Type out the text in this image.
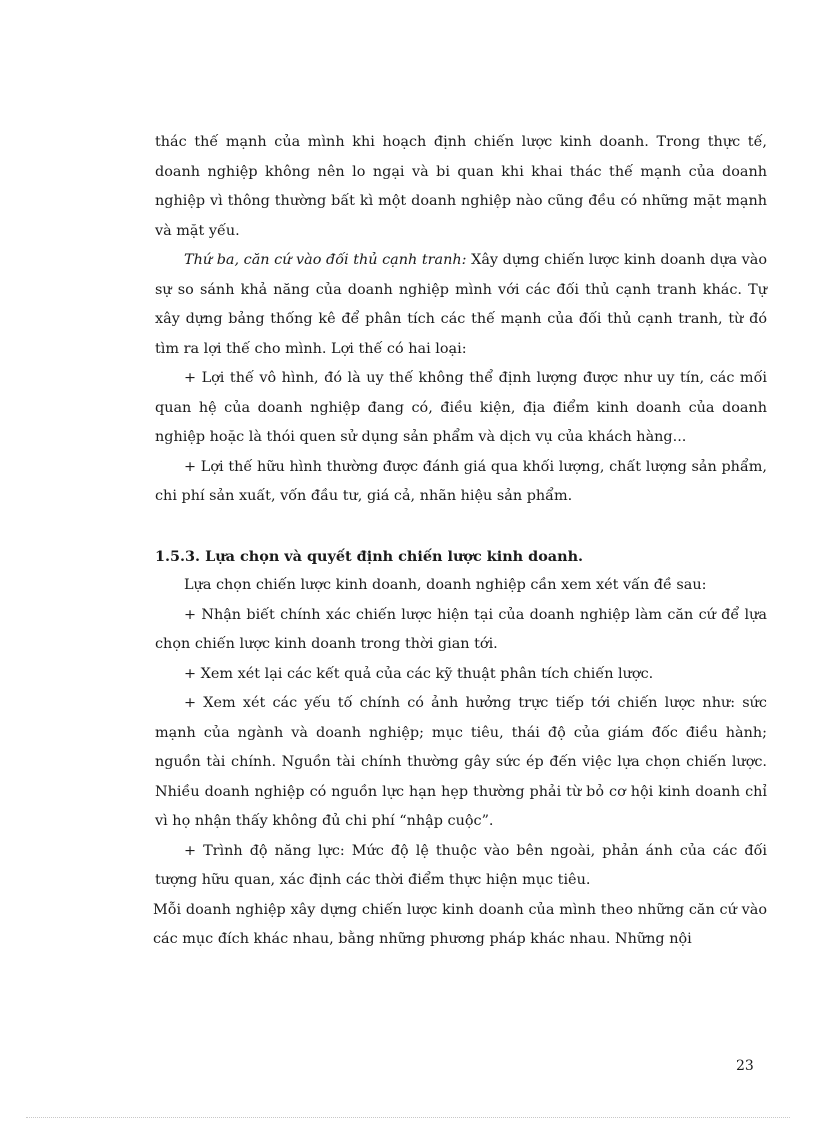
thác thế mạnh của mình khi hoạch định chiến lược kinh doanh. Trong thực tế, doanh nghiệp không nên lo ngại và bi quan khi khai thác thế mạnh của doanh nghiệp vì thông thường bất kì một doanh nghiệp nào cũng đều có những mặt mạnh và mặt yếu.

Thứ ba, căn cứ vào đối thủ cạnh tranh: Xây dựng chiến lược kinh doanh dựa vào sự so sánh khả năng của doanh nghiệp mình với các đối thủ cạnh tranh khác. Tự xây dựng bảng thống kê để phân tích các thế mạnh của đối thủ cạnh tranh, từ đó tìm ra lợi thế cho mình. Lợi thế có hai loại:

+ Lợi thế vô hình, đó là uy thế không thể định lượng được như uy tín, các mối quan hệ của doanh nghiệp đang có, điều kiện, địa điểm kinh doanh của doanh nghiệp hoặc là thói quen sử dụng sản phẩm và dịch vụ của khách hàng...

+ Lợi thế hữu hình thường được đánh giá qua khối lượng, chất lượng sản phẩm, chi phí sản xuất, vốn đầu tư, giá cả, nhãn hiệu sản phẩm.

1.5.3. Lựa chọn và quyết định chiến lược kinh doanh.

Lựa chọn chiến lược kinh doanh, doanh nghiệp cần xem xét vấn đề sau:

+ Nhận biết chính xác chiến lược hiện tại của doanh nghiệp làm căn cứ để lựa chọn chiến lược kinh doanh trong thời gian tới.

+ Xem xét lại các kết quả của các kỹ thuật phân tích chiến lược.

+ Xem xét các yếu tố chính có ảnh hưởng trực tiếp tới chiến lược như: sức mạnh của ngành và doanh nghiệp; mục tiêu, thái độ của giám đốc điều hành; nguồn tài chính. Nguồn tài chính thường gây sức ép đến việc lựa chọn chiến lược. Nhiều doanh nghiệp có nguồn lực hạn hẹp thường phải từ bỏ cơ hội kinh doanh chỉ vì họ nhận thấy không đủ chi phí “nhập cuộc”.

+ Trình độ năng lực: Mức độ lệ thuộc vào bên ngoài, phản ánh của các đối tượng hữu quan, xác định các thời điểm thực hiện mục tiêu.

Mỗi doanh nghiệp xây dựng chiến lược kinh doanh của mình theo những căn cứ vào các mục đích khác nhau, bằng những phương pháp khác nhau. Những nội

23
